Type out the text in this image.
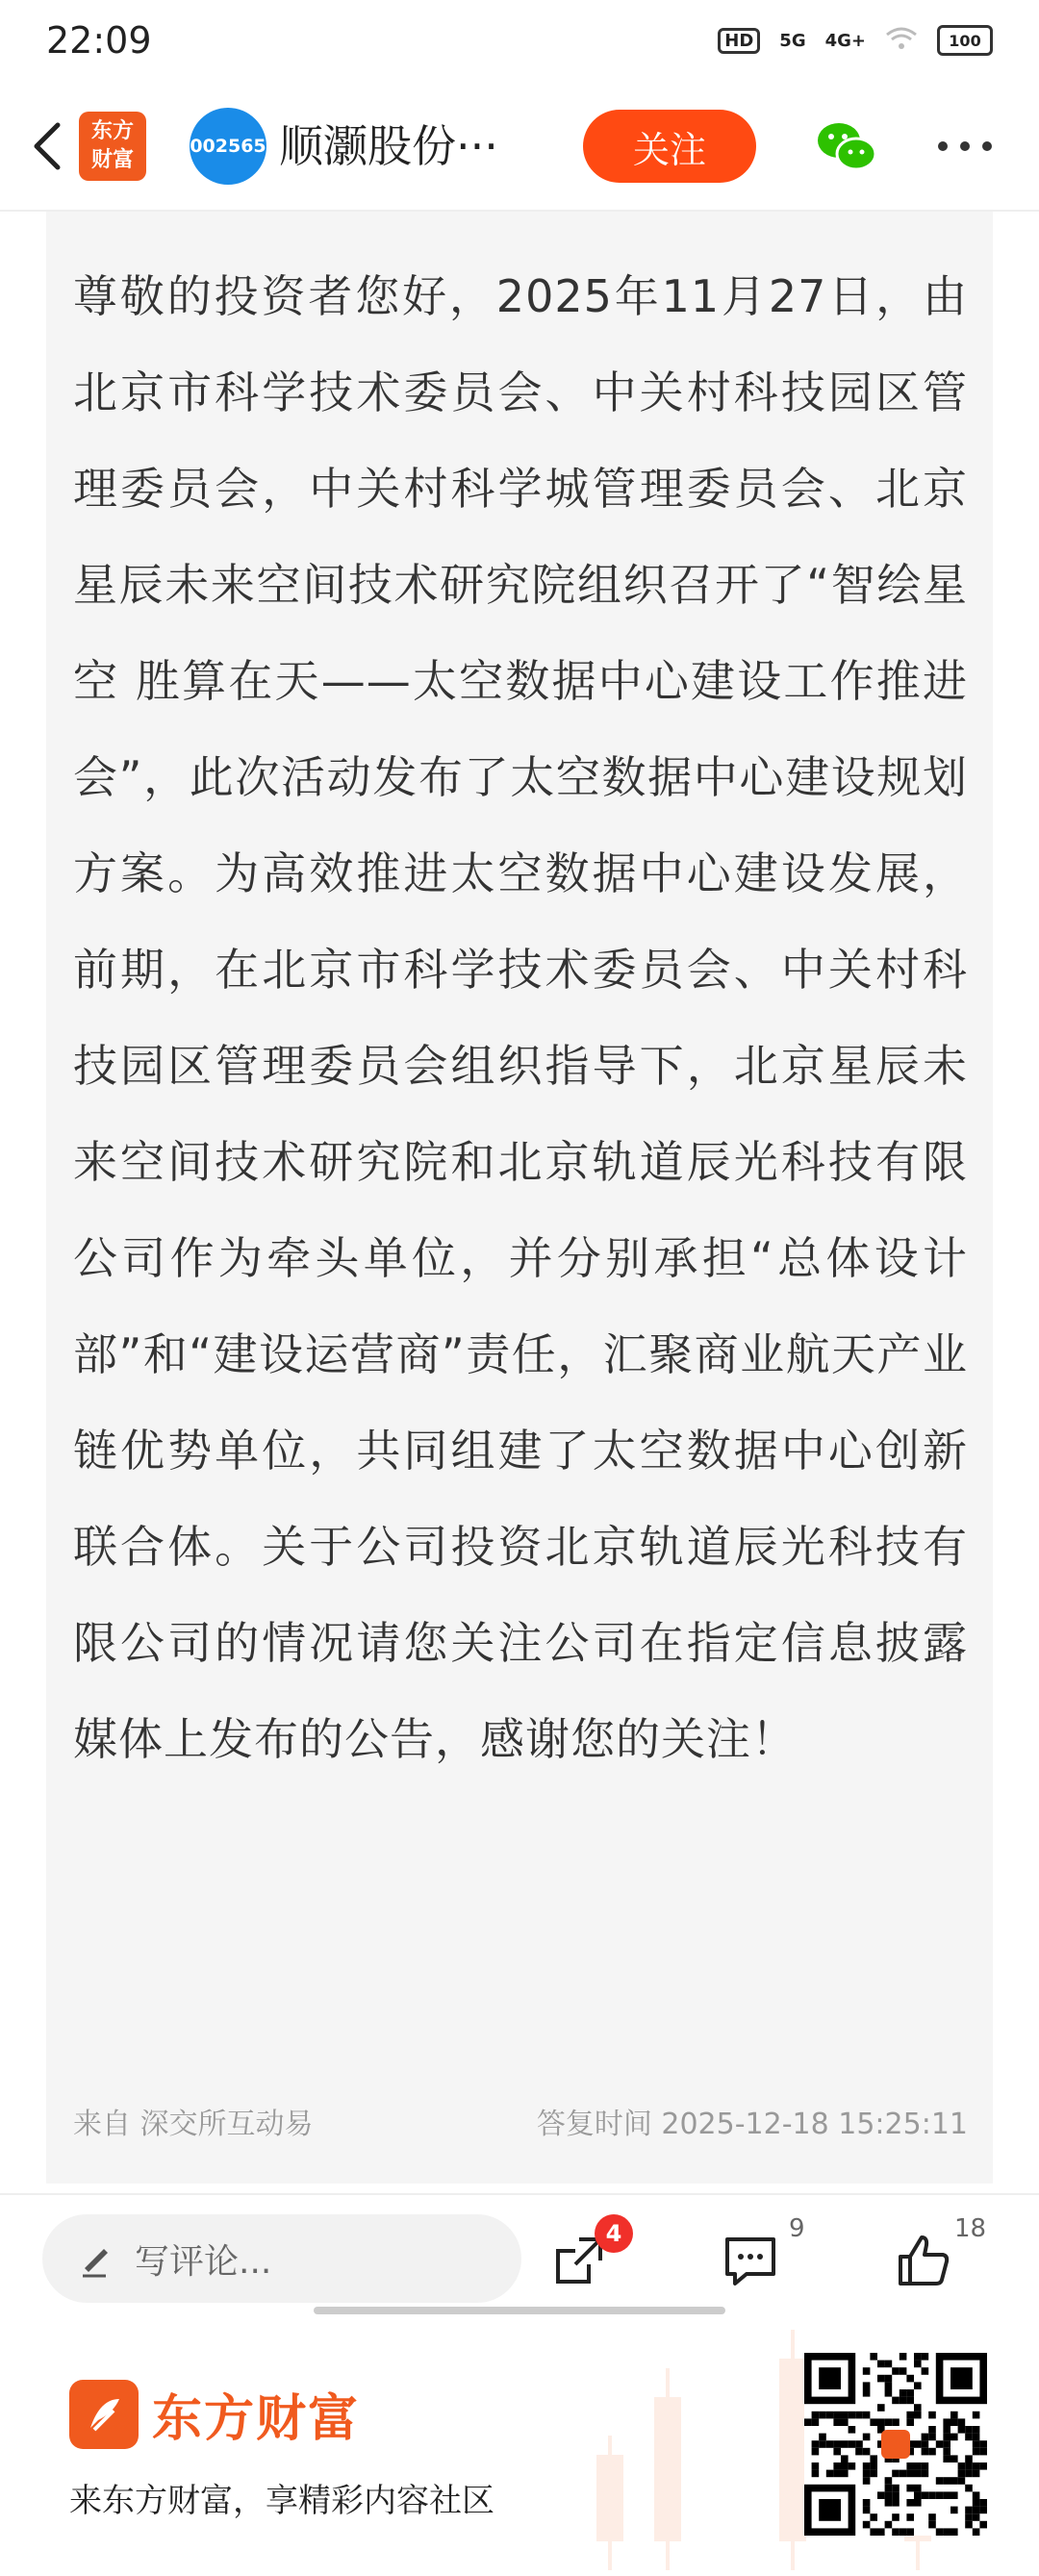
22:09	HD	5G 4G+	100
东方
财富
002565 顺灏股份···	关注
尊敬的投资者您好，2025年11月27日，由北京市科学技术委员会、中关村科技园区管理委员会，中关村科学城管理委员会、北京星辰未来空间技术研究院组织召开了“智绘星空 胜算在天——太空数据中心建设工作推进会”，此次活动发布了太空数据中心建设规划方案。为高效推进太空数据中心建设发展，前期，在北京市科学技术委员会、中关村科技园区管理委员会组织指导下，北京星辰未来空间技术研究院和北京轨道辰光科技有限公司作为牵头单位，并分别承担“总体设计部”和“建设运营商”责任，汇聚商业航天产业链优势单位，共同组建了太空数据中心创新联合体。关于公司投资北京轨道辰光科技有限公司的情况请您关注公司在指定信息披露媒体上发布的公告，感谢您的关注！
来自 深交所互动易	答复时间 2025-12-18 15:25:11
写评论...
4	9	18
东方财富
来东方财富，享精彩内容社区
